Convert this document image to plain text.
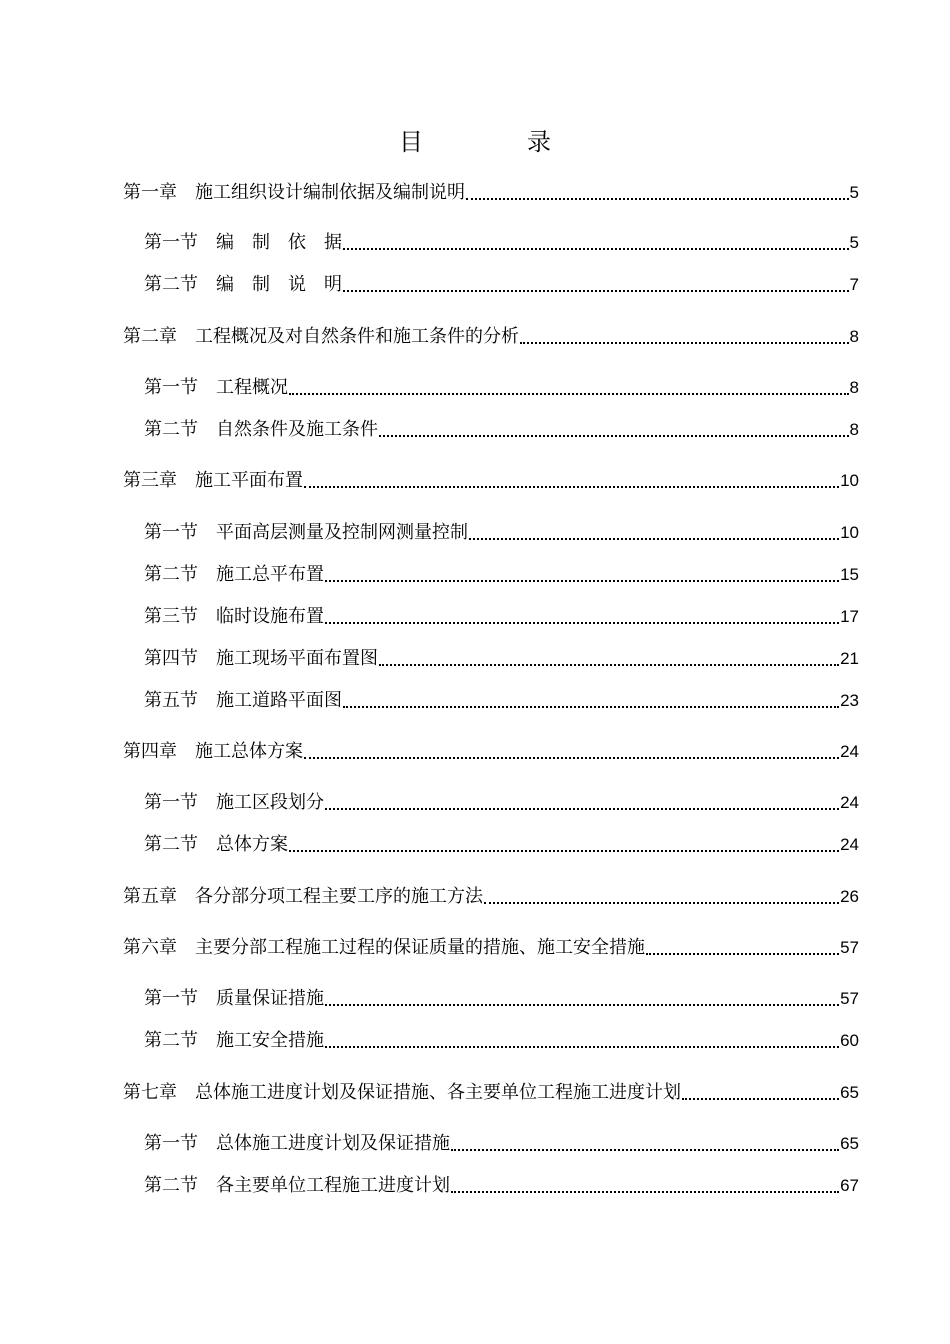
目　录
第一章 施工组织设计编制依据及编制说明	5
第一节 编　制　依　据	5
第二节 编　制　说　明	7
第二章 工程概况及对自然条件和施工条件的分析	8
第一节 工程概况	8
第二节 自然条件及施工条件	8
第三章 施工平面布置	10
第一节 平面高层测量及控制网测量控制	10
第二节 施工总平布置	15
第三节 临时设施布置	17
第四节 施工现场平面布置图	21
第五节 施工道路平面图	23
第四章 施工总体方案	24
第一节 施工区段划分	24
第二节 总体方案	24
第五章 各分部分项工程主要工序的施工方法	26
第六章 主要分部工程施工过程的保证质量的措施、施工安全措施	57
第一节 质量保证措施	57
第二节 施工安全措施	60
第七章 总体施工进度计划及保证措施、各主要单位工程施工进度计划	65
第一节 总体施工进度计划及保证措施	65
第二节 各主要单位工程施工进度计划	67
